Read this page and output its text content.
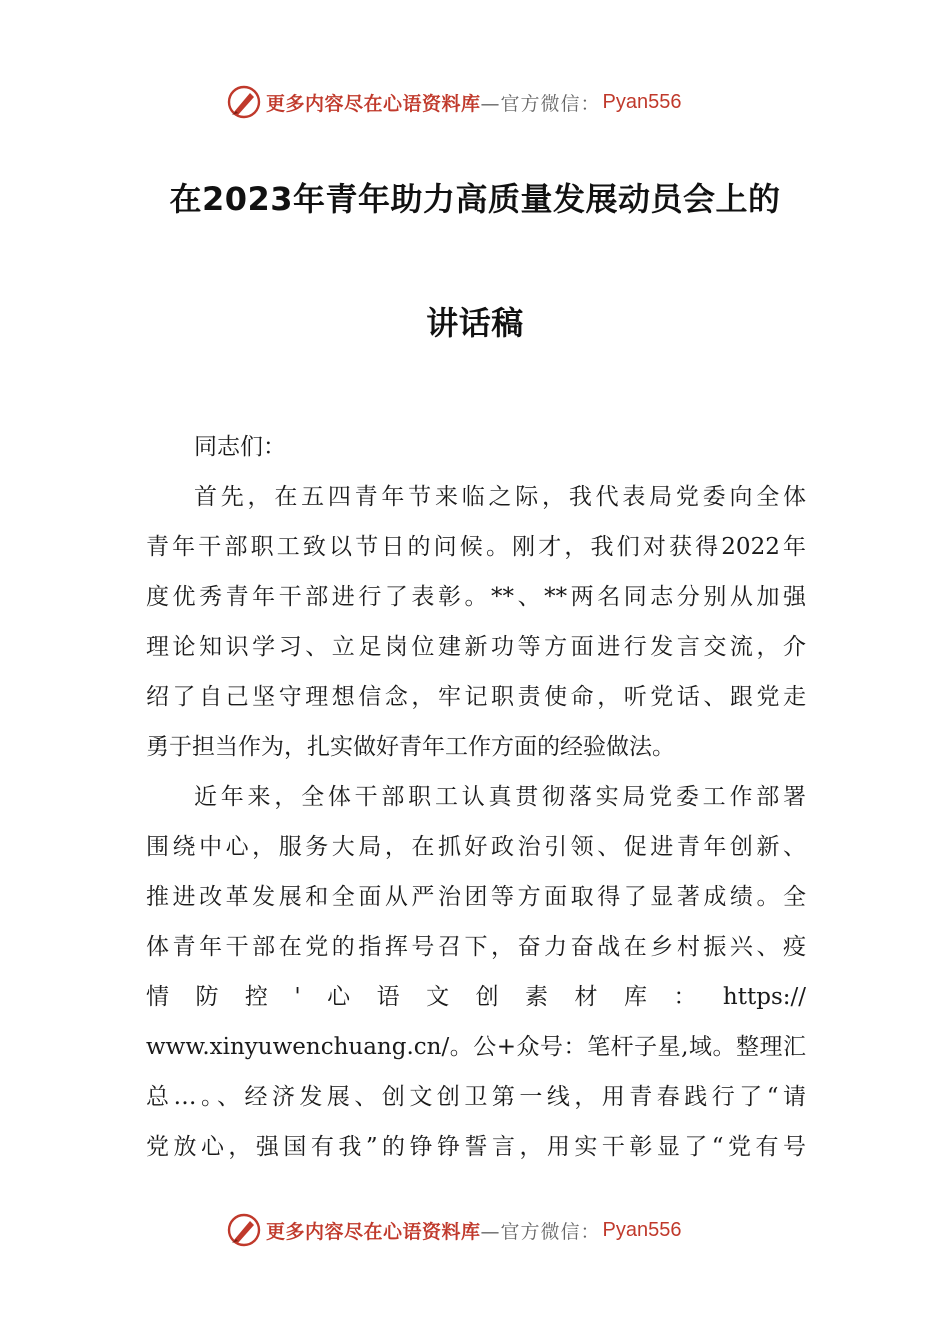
更多内容尽在心语资料库 —官方微信： Pyan556
在2023年青年助力高质量发展动员会上的
讲话稿
同志们：
首先，在五四青年节来临之际，我代表局党委向全体
青年干部职工致以节日的问候。刚才，我们对获得2022年
度优秀青年干部进行了表彰。**、**两名同志分别从加强
理论知识学习、立足岗位建新功等方面进行发言交流，介
绍了自己坚守理想信念，牢记职责使命，听党话、跟党走
勇于担当作为，扎实做好青年工作方面的经验做法。
近年来，全体干部职工认真贯彻落实局党委工作部署
围绕中心，服务大局，在抓好政治引领、促进青年创新、
推进改革发展和全面从严治团等方面取得了显著成绩。全
体青年干部在党的指挥号召下，奋力奋战在乡村振兴、疫
情防控'心语文创素材库：https://
www.xinyuwenchuang.cn/。公+众号：笔杆子星,域。整理汇
总…。、经济发展、创文创卫第一线，用青春践行了“请
党放心，强国有我”的铮铮誓言，用实干彰显了“党有号
更多内容尽在心语资料库 —官方微信： Pyan556
